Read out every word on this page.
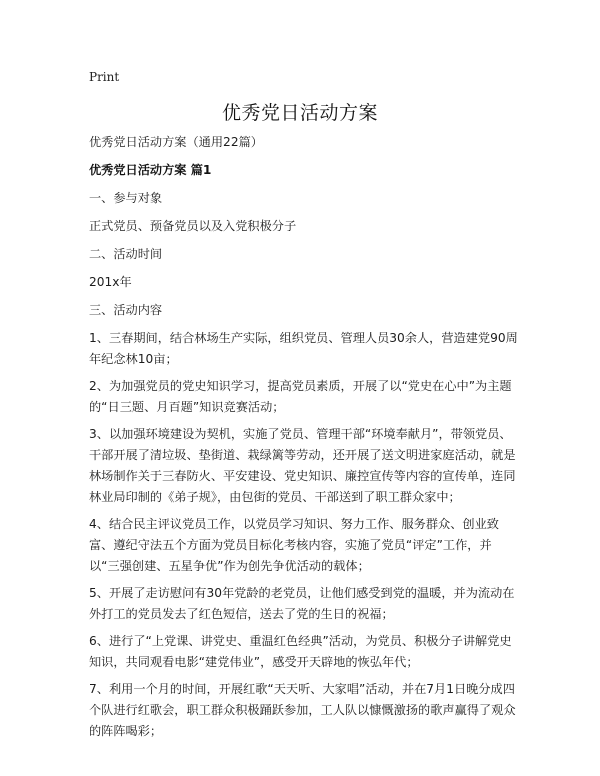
Print
优秀党日活动方案

优秀党日活动方案（通用22篇）

优秀党日活动方案 篇1

一、参与对象

正式党员、预备党员以及入党积极分子

二、活动时间

201x年

三、活动内容

1、三春期间，结合林场生产实际，组织党员、管理人员30余人，营造建党90周年纪念林10亩；

2、为加强党员的党史知识学习，提高党员素质，开展了以“党史在心中”为主题的“日三题、月百题”知识竞赛活动；

3、以加强环境建设为契机，实施了党员、管理干部“环境奉献月”，带领党员、干部开展了清垃圾、垫街道、栽绿篱等劳动，还开展了送文明进家庭活动，就是林场制作关于三春防火、平安建设、党史知识、廉控宣传等内容的宣传单，连同林业局印制的《弟子规》，由包街的党员、干部送到了职工群众家中；

4、结合民主评议党员工作，以党员学习知识、努力工作、服务群众、创业致富、遵纪守法五个方面为党员目标化考核内容，实施了党员“评定”工作，并以“三强创建、五星争优”作为创先争优活动的载体；

5、开展了走访慰问有30年党龄的老党员，让他们感受到党的温暖，并为流动在外打工的党员发去了红色短信，送去了党的生日的祝福；

6、进行了“上党课、讲党史、重温红色经典”活动，为党员、积极分子讲解党史知识，共同观看电影“建党伟业”，感受开天辟地的恢弘年代；

7、利用一个月的时间，开展红歌“天天听、大家唱”活动，并在7月1日晚分成四个队进行红歌会，职工群众积极踊跃参加，工人队以慷慨激扬的歌声赢得了观众的阵阵喝彩；
